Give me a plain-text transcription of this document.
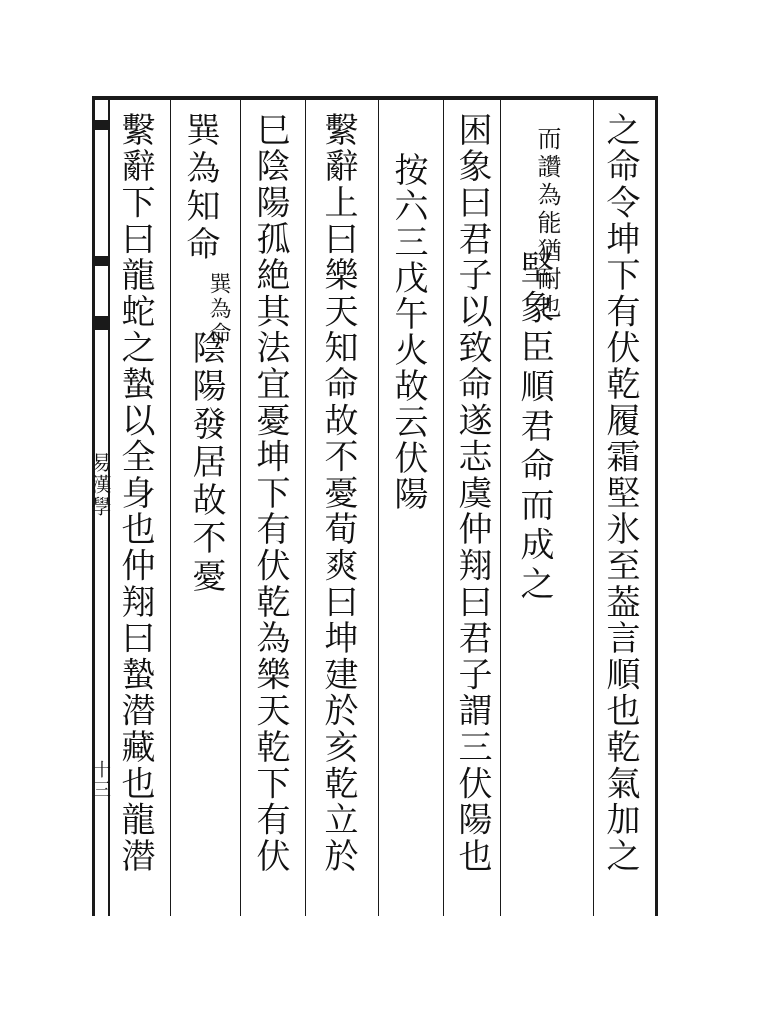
之命令坤下有伏乾履霜堅氷至葢言順也乾氣加之
而讚為能猶耐也
堅象臣順君命而成之
困象曰君子以致命遂志虞仲翔曰君子謂三伏陽也
按六三戊午火故云伏陽
繫辭上曰樂天知命故不憂荀爽曰坤建於亥乾立於
巳陰陽孤絶其法宜憂坤下有伏乾為樂天乾下有伏
巽為知命
巽為命
陰陽發居故不憂
繫辭下曰龍蛇之蟄以全身也仲翔曰蟄潜藏也龍潜
易漢學
十三
